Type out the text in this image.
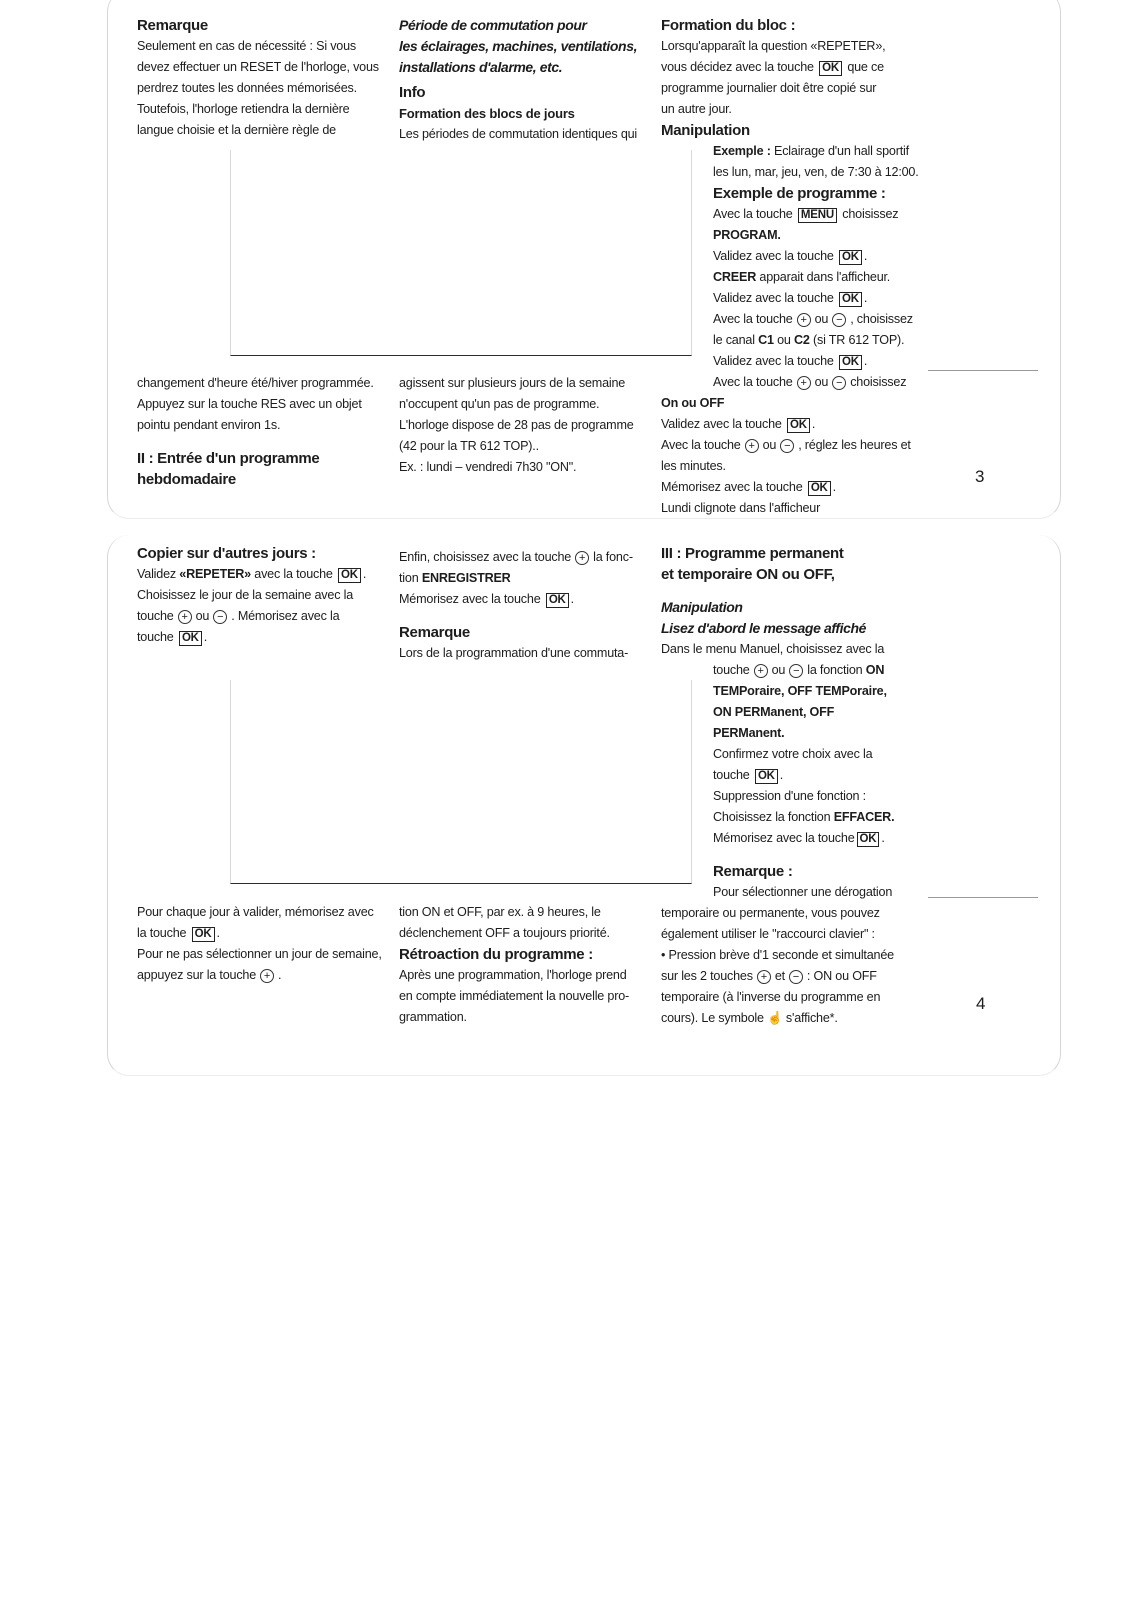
Remarque

Seulement en cas de nécessité : Si vous

devez effectuer un RESET de l'horloge, vous

perdrez toutes les données mémorisées.

Toutefois, l'horloge retiendra la dernière

langue choisie et la dernière règle de

changement d'heure été/hiver programmée.

Appuyez sur la touche RES avec un objet

pointu pendant environ 1s.

II : Entrée d'un programme

hebdomadaire

Période de commutation pour

les éclairages, machines, ventilations,

installations d'alarme, etc.

Info

Formation des blocs de jours

Les périodes de commutation identiques qui

agissent sur plusieurs jours de la semaine

n'occupent qu'un pas de programme.

L'horloge dispose de 28 pas de programme

(42 pour la TR 612 TOP)..

Ex. : lundi – vendredi 7h30 "ON".

Formation du bloc :

Lorsqu'apparaît la question «REPETER»,

vous décidez avec la touche OK que ce

programme journalier doit être copié sur

un autre jour.

Manipulation

Exemple : Eclairage d'un hall sportif

les lun, mar, jeu, ven, de 7:30 à 12:00.

Exemple de programme :

Avec la touche MENU choisissez

PROGRAM.

Validez avec la touche OK .

CREER apparait dans l'afficheur.

Validez avec la touche OK .

Avec la touche + ou − , choisissez

le canal C1 ou C2 (si TR 612 TOP).

Validez avec la touche OK .

Avec la touche + ou − choisissez

On ou OFF

Validez avec la touche OK .

Avec la touche + ou − , réglez les heures et

les minutes.

Mémorisez avec la touche OK .

Lundi clignote dans l'afficheur

3

Copier sur d'autres jours :

Validez «REPETER» avec la touche OK .

Choisissez le jour de la semaine avec la

touche + ou − . Mémorisez avec la

touche OK .

Pour chaque jour à valider, mémorisez avec

la touche OK .

Pour ne pas sélectionner un jour de semaine,

appuyez sur la touche + .

Enfin, choisissez avec la touche + la fonc-

tion ENREGISTRER

Mémorisez avec la touche OK .

Remarque

Lors de la programmation d'une commuta-

tion ON et OFF, par ex. à 9 heures, le

déclenchement OFF a toujours priorité.

Rétroaction du programme :

Après une programmation, l'horloge prend

en compte immédiatement la nouvelle pro-

grammation.

III : Programme permanent

et temporaire ON ou OFF,

Manipulation

Lisez d'abord le message affiché

Dans le menu Manuel, choisissez avec la

touche + ou − la fonction ON

TEMPoraire, OFF TEMPoraire,

ON PERManent, OFF

PERManent.

Confirmez votre choix avec la

touche OK .

Suppression d'une fonction :

Choisissez la fonction EFFACER.

Mémorisez avec la touche OK .

Remarque :

Pour sélectionner une dérogation

temporaire ou permanente, vous pouvez

également utiliser le "raccourci clavier" :

• Pression brève d'1 seconde et simultanée

sur les 2 touches + et − : ON ou OFF

temporaire (à l'inverse du programme en

cours). Le symbole ☝ s'affiche*.

4
